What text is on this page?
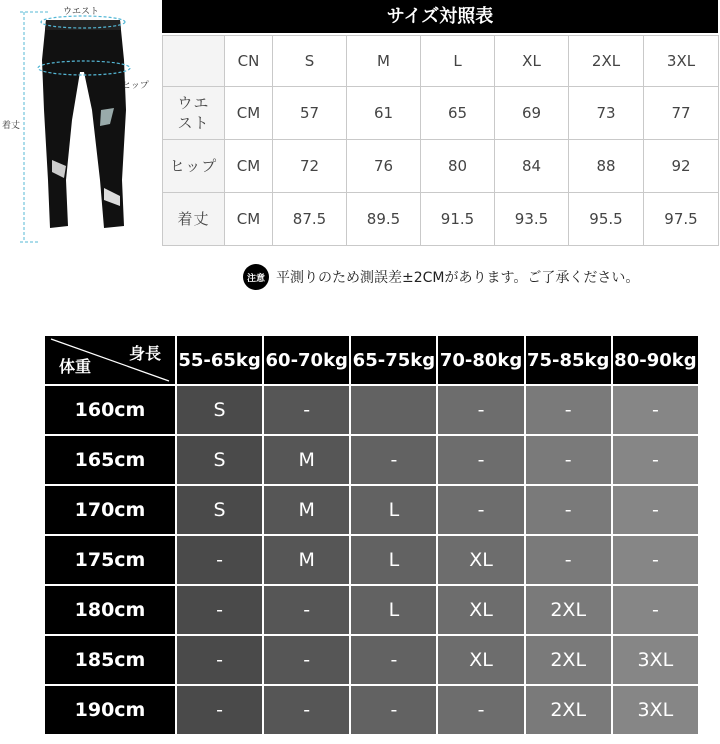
ウエスト
ヒップ
着丈
サイズ対照表
	CN	S	M	L	XL	2XL	3XL

ウエスト	CM	57	61	65	69	73	77
ヒップ	CM	72	76	80	84	88	92
着丈	CM	87.5	89.5	91.5	93.5	95.5	97.5
注意 平測りのため測誤差±2CMがあります。ご了承ください。
身長
体重	55-65kg	60-70kg	65-75kg	70-80kg	75-85kg	80-90kg
160cm	S	-		-	-	-
165cm	S	M	-	-	-	-
170cm	S	M	L	-	-	-
175cm	-	M	L	XL	-	-
180cm	-	-	L	XL	2XL	-
185cm	-	-	-	XL	2XL	3XL
190cm	-	-	-	-	2XL	3XL
